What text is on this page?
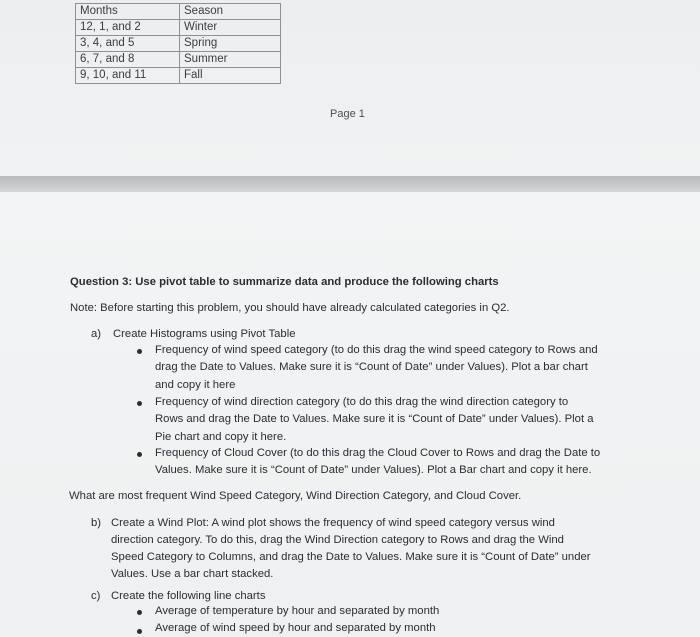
Months	Season
12, 1, and 2	Winter
3, 4, and 5	Spring
6, 7, and 8	Summer
9, 10, and 11	Fall
Page 1
Question 3: Use pivot table to summarize data and produce the following charts
Note: Before starting this problem, you should have already calculated categories in Q2.
a) Create Histograms using Pivot Table
Frequency of wind speed category (to do this drag the wind speed category to Rows and
drag the Date to Values. Make sure it is “Count of Date” under Values). Plot a bar chart
and copy it here
Frequency of wind direction category (to do this drag the wind direction category to
Rows and drag the Date to Values. Make sure it is “Count of Date” under Values). Plot a
Pie chart and copy it here.
Frequency of Cloud Cover (to do this drag the Cloud Cover to Rows and drag the Date to
Values. Make sure it is “Count of Date” under Values). Plot a Bar chart and copy it here.
What are most frequent Wind Speed Category, Wind Direction Category, and Cloud Cover.
b) Create a Wind Plot: A wind plot shows the frequency of wind speed category versus wind
direction category. To do this, drag the Wind Direction category to Rows and drag the Wind
Speed Category to Columns, and drag the Date to Values. Make sure it is “Count of Date” under
Values. Use a bar chart stacked.
c) Create the following line charts
Average of temperature by hour and separated by month
Average of wind speed by hour and separated by month
